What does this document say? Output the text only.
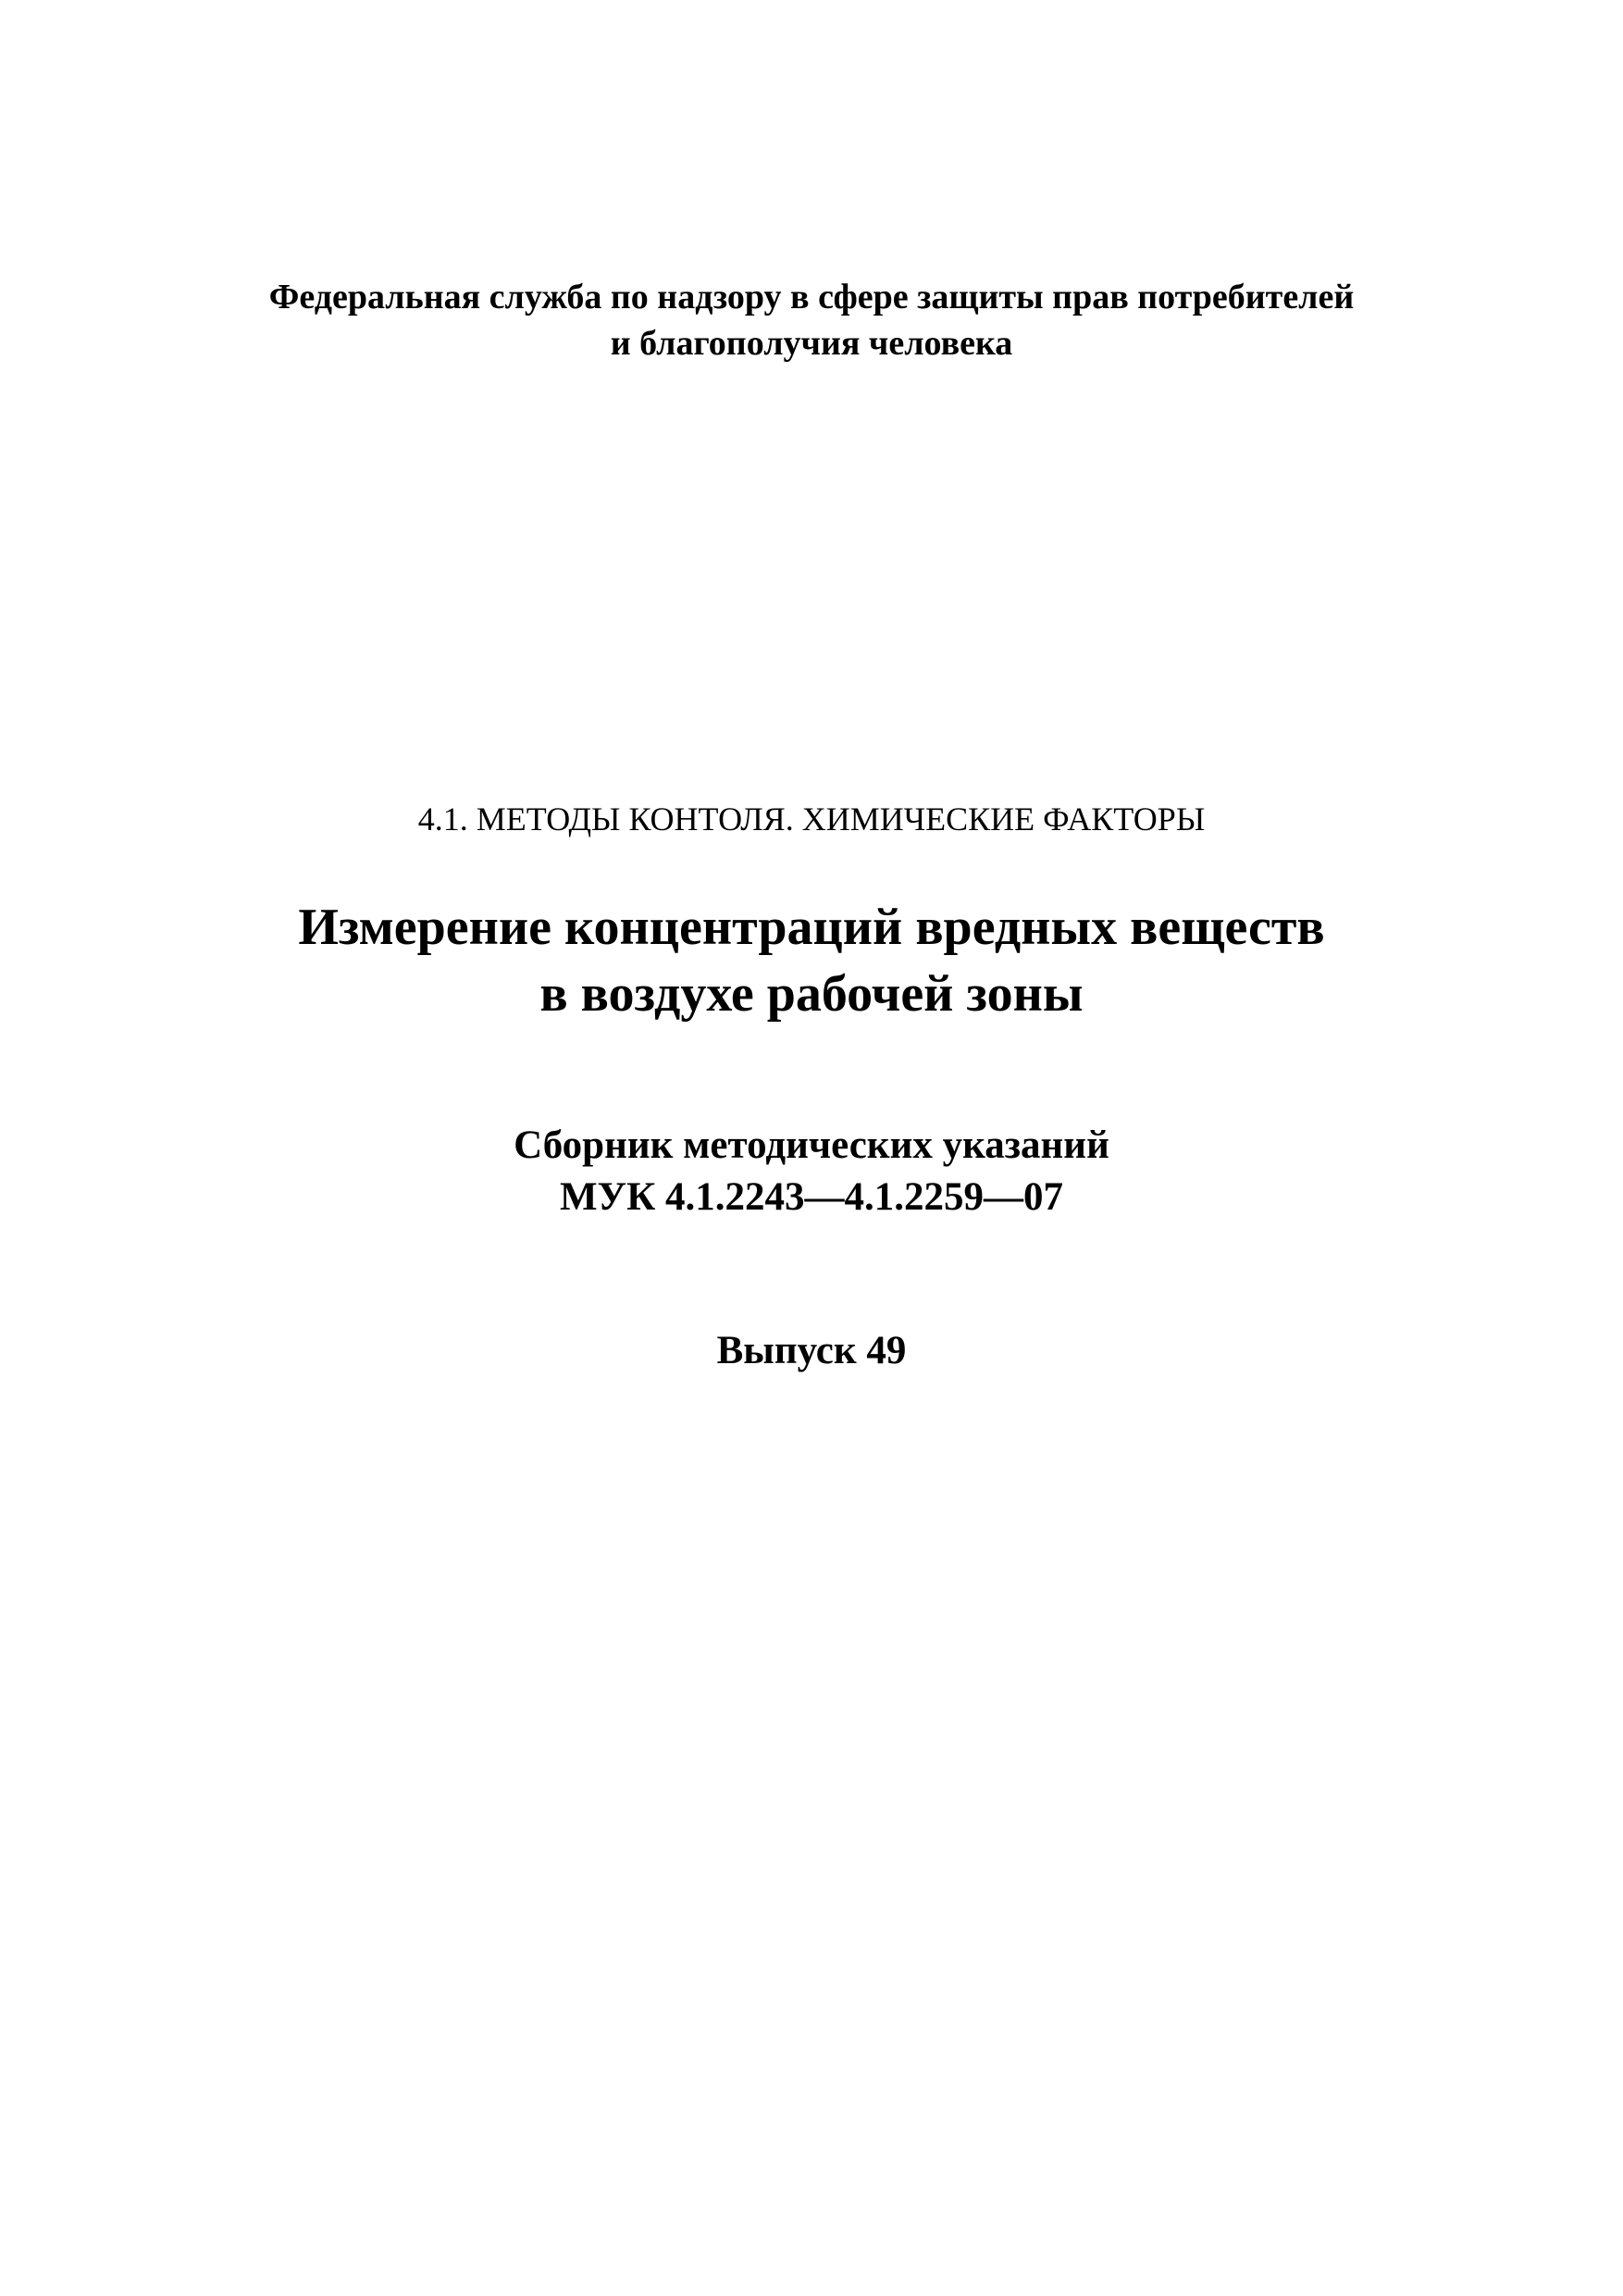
Федеральная служба по надзору в сфере защиты прав потребителей
и благополучия человека
4.1. МЕТОДЫ КОНТОЛЯ. ХИМИЧЕСКИЕ ФАКТОРЫ
Измерение концентраций вредных веществ
в воздухе рабочей зоны
Сборник методических указаний
МУК 4.1.2243—4.1.2259—07
Выпуск 49
